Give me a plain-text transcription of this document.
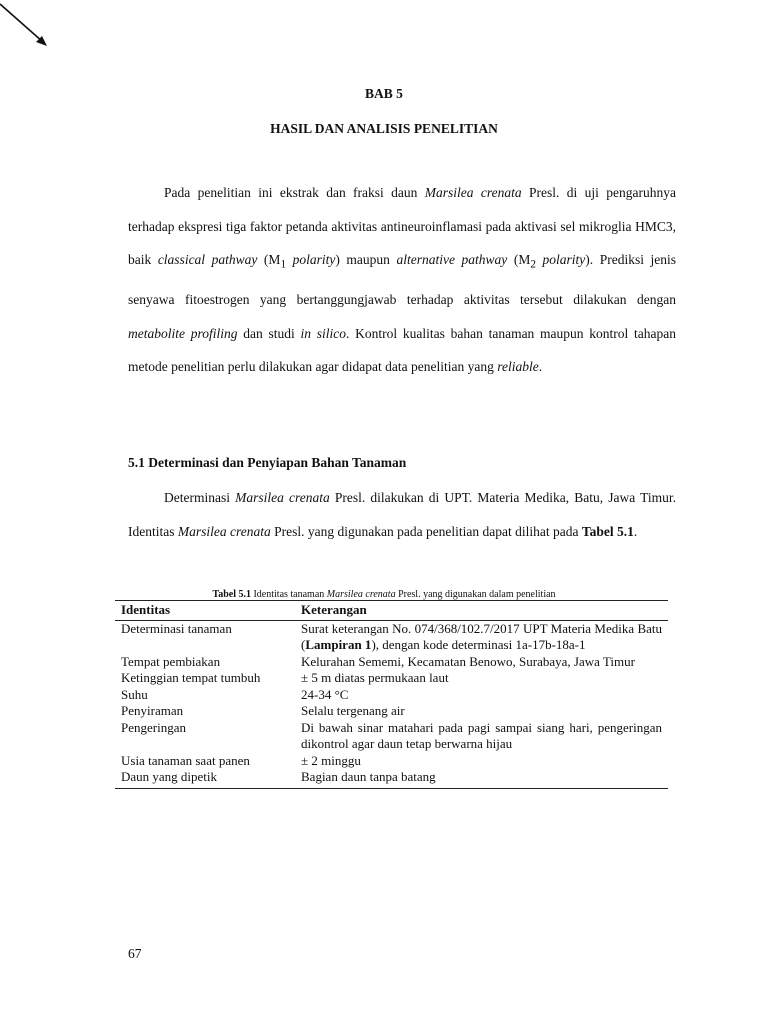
BAB 5
HASIL DAN ANALISIS PENELITIAN

Pada penelitian ini ekstrak dan fraksi daun Marsilea crenata Presl. di uji pengaruhnya terhadap ekspresi tiga faktor petanda aktivitas antineuroinflamasi pada aktivasi sel mikroglia HMC3, baik classical pathway ($M_1$ polarity) maupun alternative pathway ($M_2$ polarity). Prediksi jenis senyawa fitoestrogen yang bertanggungjawab terhadap aktivitas tersebut dilakukan dengan metabolite profiling dan studi in silico. Kontrol kualitas bahan tanaman maupun kontrol tahapan metode penelitian perlu dilakukan agar didapat data penelitian yang reliable.

5.1 Determinasi dan Penyiapan Bahan Tanaman

Determinasi Marsilea crenata Presl. dilakukan di UPT. Materia Medika, Batu, Jawa Timur. Identitas Marsilea crenata Presl. yang digunakan pada penelitian dapat dilihat pada Tabel 5.1.

Tabel 5.1 Identitas tanaman Marsilea crenata Presl. yang digunakan dalam penelitian
Identitas	Keterangan
Determinasi tanaman	Surat keterangan No. 074/368/102.7/2017 UPT Materia Medika Batu (Lampiran 1), dengan kode determinasi 1a-17b-18a-1
Tempat pembiakan	Kelurahan Sememi, Kecamatan Benowo, Surabaya, Jawa Timur
Ketinggian tempat tumbuh	± 5 m diatas permukaan laut
Suhu	24-34 °C
Penyiraman	Selalu tergenang air
Pengeringan	Di bawah sinar matahari pada pagi sampai siang hari, pengeringan dikontrol agar daun tetap berwarna hijau
Usia tanaman saat panen	± 2 minggu
Daun yang dipetik	Bagian daun tanpa batang
67
